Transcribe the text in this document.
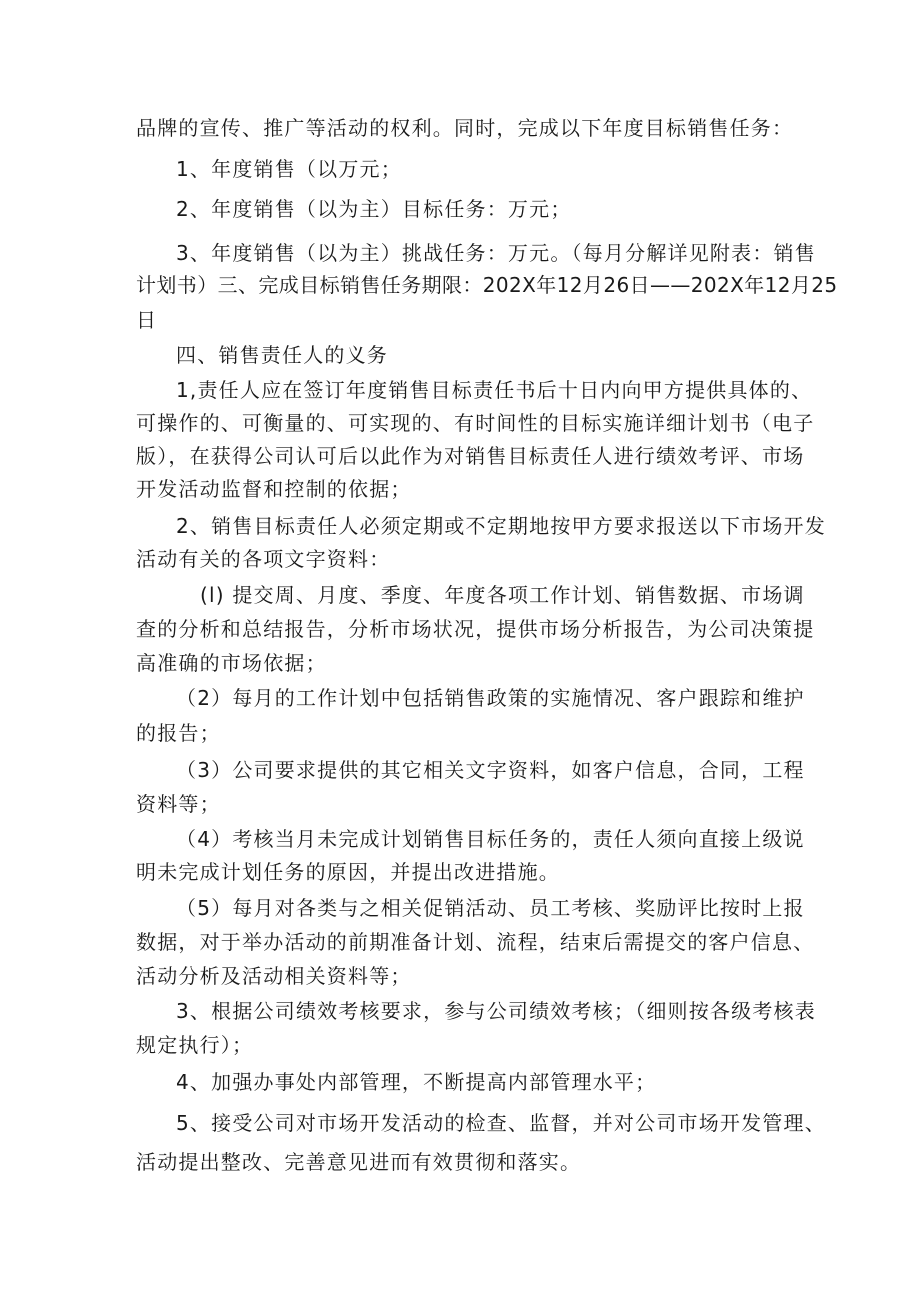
品牌的宣传、推广等活动的权利。同时，完成以下年度目标销售任务：
1、年度销售（以万元；
2、年度销售（以为主）目标任务：万元；
3、年度销售（以为主）挑战任务：万元。（每月分解详见附表：销售
计划书）三、完成目标销售任务期限：202X年12月26日——202X年12月25
日
四、销售责任人的义务
1,责任人应在签订年度销售目标责任书后十日内向甲方提供具体的、
可操作的、可衡量的、可实现的、有时间性的目标实施详细计划书（电子
版），在获得公司认可后以此作为对销售目标责任人进行绩效考评、市场
开发活动监督和控制的依据；
2、销售目标责任人必须定期或不定期地按甲方要求报送以下市场开发
活动有关的各项文字资料：
(l) 提交周、月度、季度、年度各项工作计划、销售数据、市场调
查的分析和总结报告，分析市场状况，提供市场分析报告，为公司决策提
高准确的市场依据；
（2）每月的工作计划中包括销售政策的实施情况、客户跟踪和维护
的报告；
（3）公司要求提供的其它相关文字资料，如客户信息，合同，工程
资料等；
（4）考核当月未完成计划销售目标任务的，责任人须向直接上级说
明未完成计划任务的原因，并提出改进措施。
（5）每月对各类与之相关促销活动、员工考核、奖励评比按时上报
数据，对于举办活动的前期准备计划、流程，结束后需提交的客户信息、
活动分析及活动相关资料等；
3、根据公司绩效考核要求，参与公司绩效考核；（细则按各级考核表
规定执行）；
4、加强办事处内部管理，不断提高内部管理水平；
5、接受公司对市场开发活动的检查、监督，并对公司市场开发管理、
活动提出整改、完善意见进而有效贯彻和落实。
